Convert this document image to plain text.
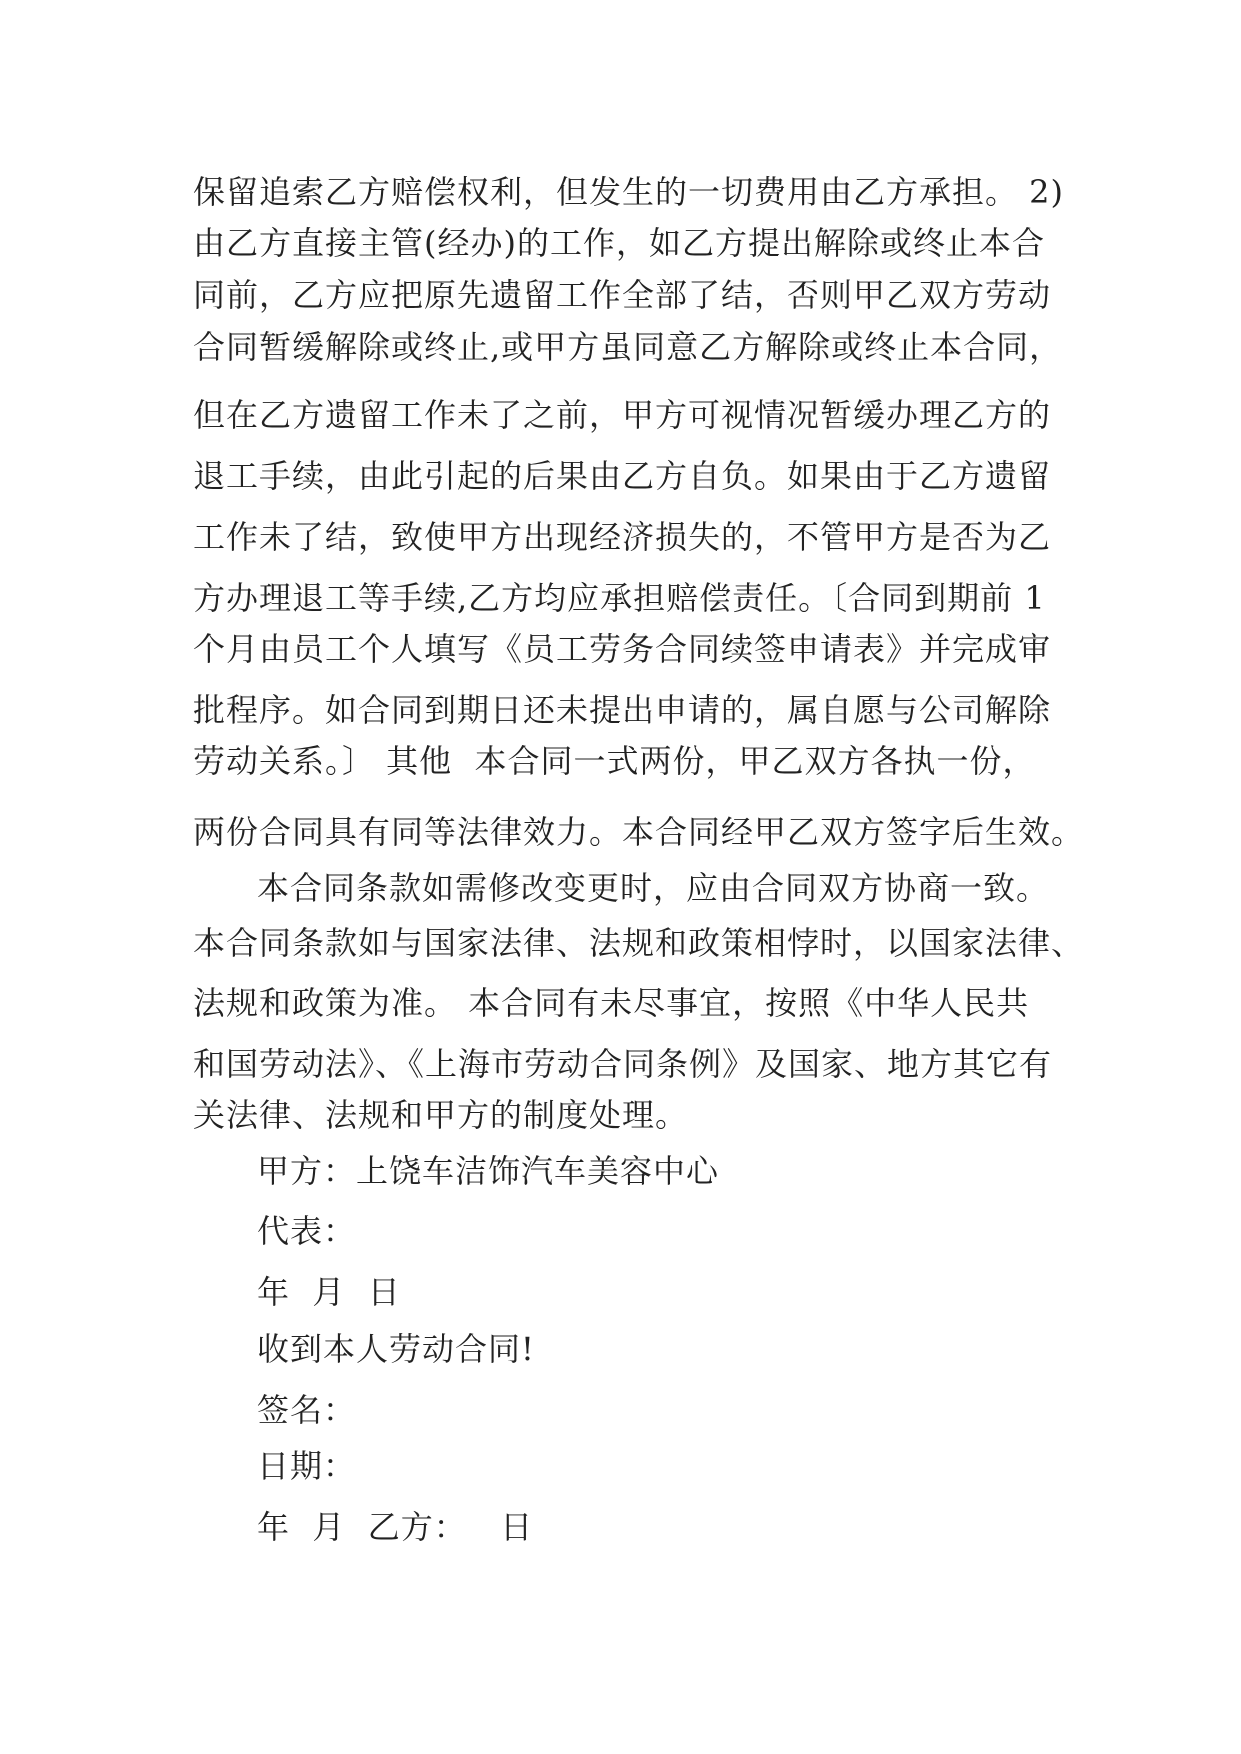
保留追索乙方赔偿权利，但发生的一切费用由乙方承担。 2)
由乙方直接主管(经办)的工作，如乙方提出解除或终止本合
同前，乙方应把原先遗留工作全部了结，否则甲乙双方劳动
合同暂缓解除或终止,或甲方虽同意乙方解除或终止本合同，
但在乙方遗留工作未了之前，甲方可视情况暂缓办理乙方的
退工手续，由此引起的后果由乙方自负。如果由于乙方遗留
工作未了结，致使甲方出现经济损失的，不管甲方是否为乙
方办理退工等手续,乙方均应承担赔偿责任。〔合同到期前 1
个月由员工个人填写《员工劳务合同续签申请表》并完成审
批程序。如合同到期日还未提出申请的，属自愿与公司解除
劳动关系。〕 其他  本合同一式两份，甲乙双方各执一份，
两份合同具有同等法律效力。本合同经甲乙双方签字后生效。
本合同条款如需修改变更时，应由合同双方协商一致。
本合同条款如与国家法律、法规和政策相悖时，以国家法律、
法规和政策为准。 本合同有未尽事宜，按照《中华人民共
和国劳动法》、《上海市劳动合同条例》及国家、地方其它有
关法律、法规和甲方的制度处理。
甲方：上饶车洁饰汽车美容中心
代表：
年  月  日
收到本人劳动合同!
签名：
日期：
年  月  乙方：   日
